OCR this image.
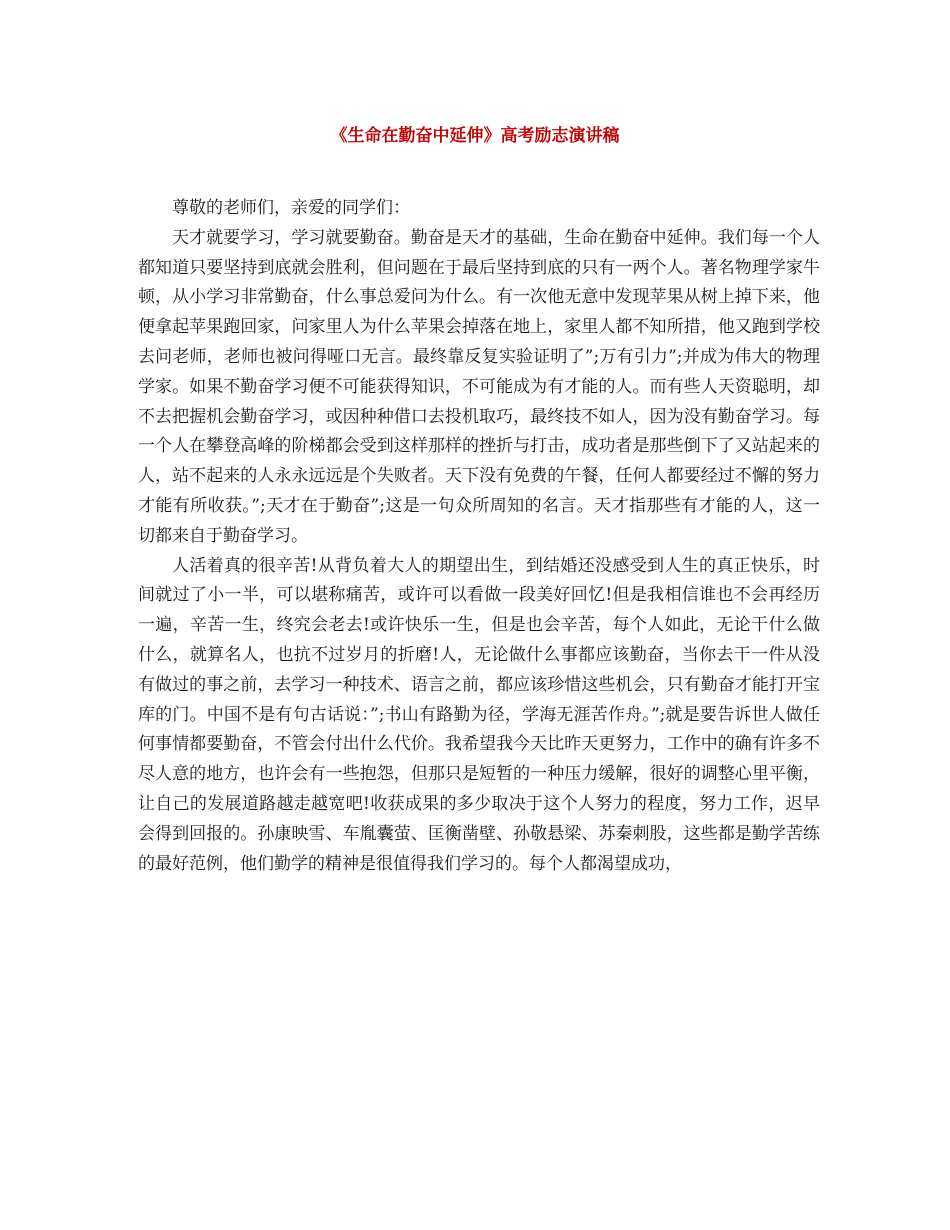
《生命在勤奋中延伸》高考励志演讲稿

尊敬的老师们，亲爱的同学们：

天才就要学习，学习就要勤奋。勤奋是天才的基础，生命在勤奋中延伸。我们每一个人都知道只要坚持到底就会胜利，但问题在于最后坚持到底的只有一两个人。著名物理学家牛顿，从小学习非常勤奋，什么事总爱问为什么。有一次他无意中发现苹果从树上掉下来，他便拿起苹果跑回家，问家里人为什么苹果会掉落在地上，家里人都不知所措，他又跑到学校去问老师，老师也被问得哑口无言。最终靠反复实验证明了”;万有引力”;并成为伟大的物理学家。如果不勤奋学习便不可能获得知识，不可能成为有才能的人。而有些人天资聪明，却不去把握机会勤奋学习，或因种种借口去投机取巧，最终技不如人，因为没有勤奋学习。每一个人在攀登高峰的阶梯都会受到这样那样的挫折与打击，成功者是那些倒下了又站起来的人，站不起来的人永永远远是个失败者。天下没有免费的午餐，任何人都要经过不懈的努力才能有所收获。”;天才在于勤奋”;这是一句众所周知的名言。天才指那些有才能的人，这一切都来自于勤奋学习。

人活着真的很辛苦!从背负着大人的期望出生，到结婚还没感受到人生的真正快乐，时间就过了小一半，可以堪称痛苦，或许可以看做一段美好回忆!但是我相信谁也不会再经历一遍，辛苦一生，终究会老去!或许快乐一生，但是也会辛苦，每个人如此，无论干什么做什么，就算名人，也抗不过岁月的折磨!人，无论做什么事都应该勤奋，当你去干一件从没有做过的事之前，去学习一种技术、语言之前，都应该珍惜这些机会，只有勤奋才能打开宝库的门。中国不是有句古话说：”;书山有路勤为径，学海无涯苦作舟。”;就是要告诉世人做任何事情都要勤奋，不管会付出什么代价。我希望我今天比昨天更努力，工作中的确有许多不尽人意的地方，也许会有一些抱怨，但那只是短暂的一种压力缓解，很好的调整心里平衡，让自己的发展道路越走越宽吧!收获成果的多少取决于这个人努力的程度，努力工作，迟早会得到回报的。孙康映雪、车胤囊萤、匡衡凿壁、孙敬悬梁、苏秦刺股，这些都是勤学苦练的最好范例，他们勤学的精神是很值得我们学习的。每个人都渴望成功，
